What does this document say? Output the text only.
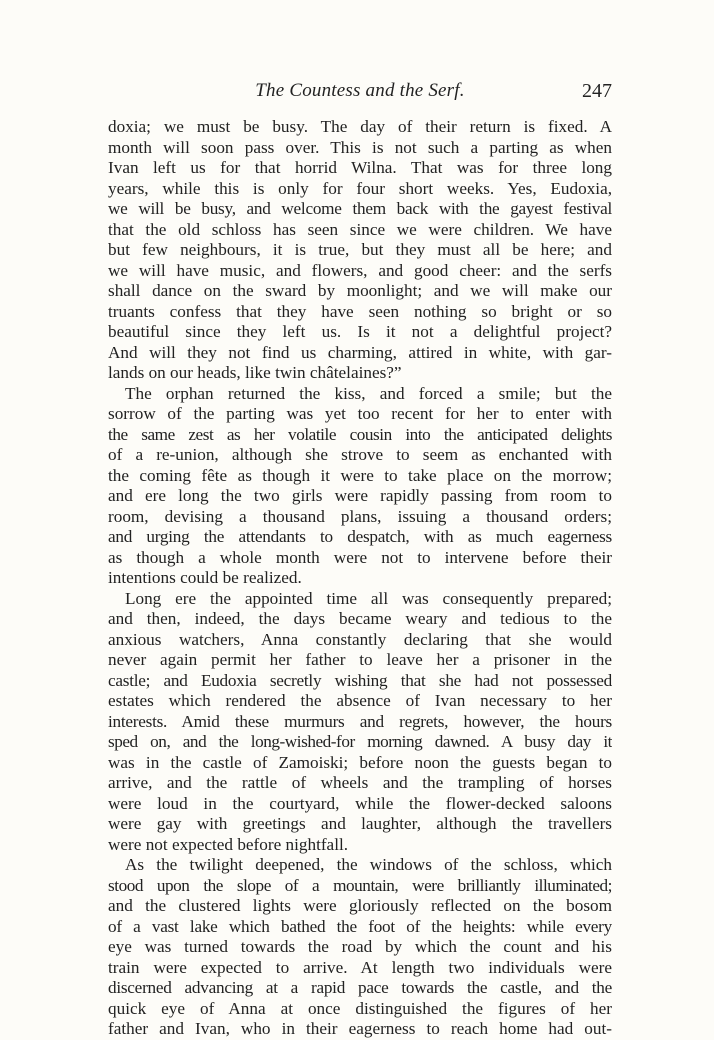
The Countess and the Serf.	247
doxia; we must be busy. The day of their return is fixed. A
month will soon pass over. This is not such a parting as when
Ivan left us for that horrid Wilna. That was for three long
years, while this is only for four short weeks. Yes, Eudoxia,
we will be busy, and welcome them back with the gayest festival
that the old schloss has seen since we were children. We have
but few neighbours, it is true, but they must all be here; and
we will have music, and flowers, and good cheer: and the serfs
shall dance on the sward by moonlight; and we will make our
truants confess that they have seen nothing so bright or so
beautiful since they left us. Is it not a delightful project?
And will they not find us charming, attired in white, with gar-
lands on our heads, like twin châtelaines?”
The orphan returned the kiss, and forced a smile; but the
sorrow of the parting was yet too recent for her to enter with
the same zest as her volatile cousin into the anticipated delights
of a re-union, although she strove to seem as enchanted with
the coming fête as though it were to take place on the morrow;
and ere long the two girls were rapidly passing from room to
room, devising a thousand plans, issuing a thousand orders;
and urging the attendants to despatch, with as much eagerness
as though a whole month were not to intervene before their
intentions could be realized.
Long ere the appointed time all was consequently prepared;
and then, indeed, the days became weary and tedious to the
anxious watchers, Anna constantly declaring that she would
never again permit her father to leave her a prisoner in the
castle; and Eudoxia secretly wishing that she had not possessed
estates which rendered the absence of Ivan necessary to her
interests. Amid these murmurs and regrets, however, the hours
sped on, and the long-wished-for morning dawned. A busy day it
was in the castle of Zamoiski; before noon the guests began to
arrive, and the rattle of wheels and the trampling of horses
were loud in the courtyard, while the flower-decked saloons
were gay with greetings and laughter, although the travellers
were not expected before nightfall.
As the twilight deepened, the windows of the schloss, which
stood upon the slope of a mountain, were brilliantly illuminated;
and the clustered lights were gloriously reflected on the bosom
of a vast lake which bathed the foot of the heights: while every
eye was turned towards the road by which the count and his
train were expected to arrive. At length two individuals were
discerned advancing at a rapid pace towards the castle, and the
quick eye of Anna at once distinguished the figures of her
father and Ivan, who in their eagerness to reach home had out-
